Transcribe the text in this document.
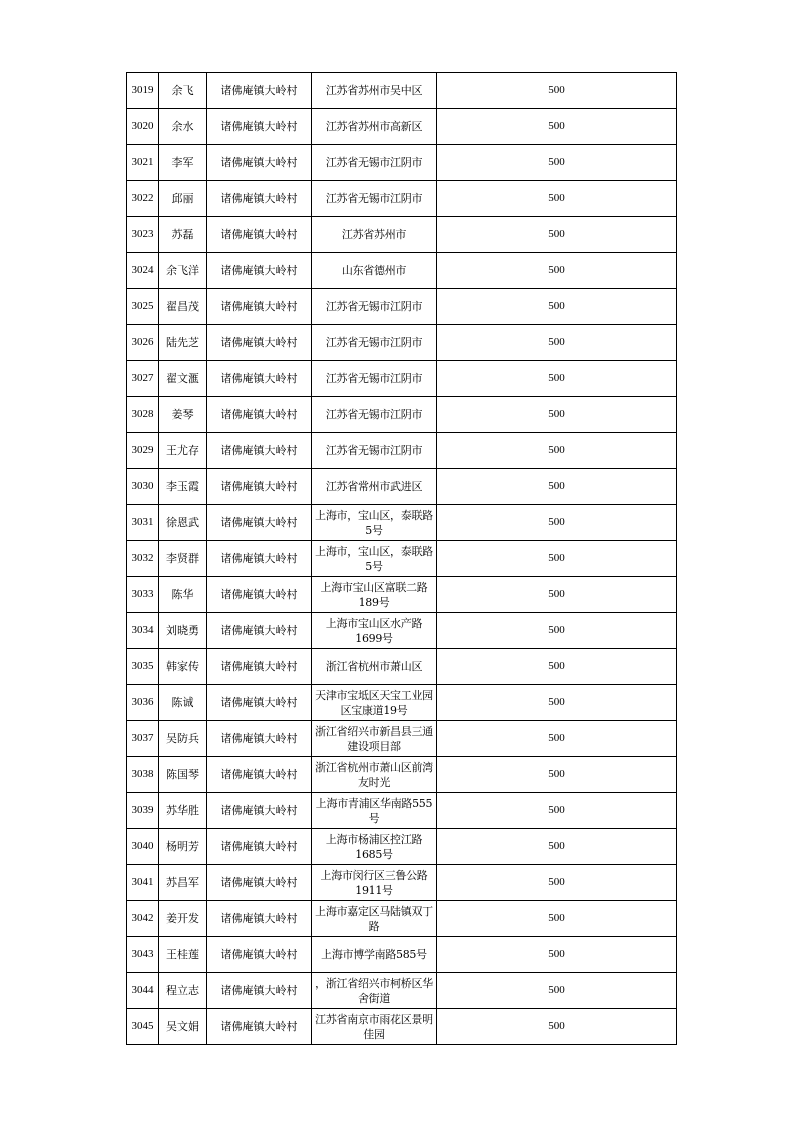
3019	余飞	诸佛庵镇大岭村	江苏省苏州市吴中区	500

3020	余水	诸佛庵镇大岭村	江苏省苏州市高新区	500

3021	李军	诸佛庵镇大岭村	江苏省无锡市江阴市	500

3022	邱丽	诸佛庵镇大岭村	江苏省无锡市江阴市	500

3023	苏磊	诸佛庵镇大岭村	江苏省苏州市	500

3024	余飞洋	诸佛庵镇大岭村	山东省德州市	500

3025	翟昌茂	诸佛庵镇大岭村	江苏省无锡市江阴市	500

3026	陆先芝	诸佛庵镇大岭村	江苏省无锡市江阴市	500

3027	翟文滙	诸佛庵镇大岭村	江苏省无锡市江阴市	500

3028	姜琴	诸佛庵镇大岭村	江苏省无锡市江阴市	500

3029	王尤存	诸佛庵镇大岭村	江苏省无锡市江阴市	500

3030	李玉霞	诸佛庵镇大岭村	江苏省常州市武进区	500

3031	徐恩武	诸佛庵镇大岭村	上海市，宝山区，泰联路5号	500

3032	李贤群	诸佛庵镇大岭村	上海市，宝山区，泰联路5号	500

3033	陈华	诸佛庵镇大岭村	上海市宝山区富联二路189号	500

3034	刘晓勇	诸佛庵镇大岭村	上海市宝山区水产路1699号	500

3035	韩家传	诸佛庵镇大岭村	浙江省杭州市萧山区	500

3036	陈诚	诸佛庵镇大岭村	天津市宝坻区天宝工业园区宝康道19号	500

3037	吴防兵	诸佛庵镇大岭村	浙江省绍兴市新昌县三通建设项目部	500

3038	陈国琴	诸佛庵镇大岭村	浙江省杭州市萧山区前湾友时光	500

3039	苏华胜	诸佛庵镇大岭村	上海市青浦区华南路555号	500

3040	杨明芳	诸佛庵镇大岭村	上海市杨浦区控江路1685号	500

3041	苏昌军	诸佛庵镇大岭村	上海市闵行区三鲁公路1911号	500

3042	姜开发	诸佛庵镇大岭村	上海市嘉定区马陆镇双丁路	500

3043	王桂莲	诸佛庵镇大岭村	上海市博学南路585号	500

3044	程立志	诸佛庵镇大岭村	，浙江省绍兴市柯桥区华舍街道	500

3045	吴文娟	诸佛庵镇大岭村	江苏省南京市雨花区景明佳园	500
